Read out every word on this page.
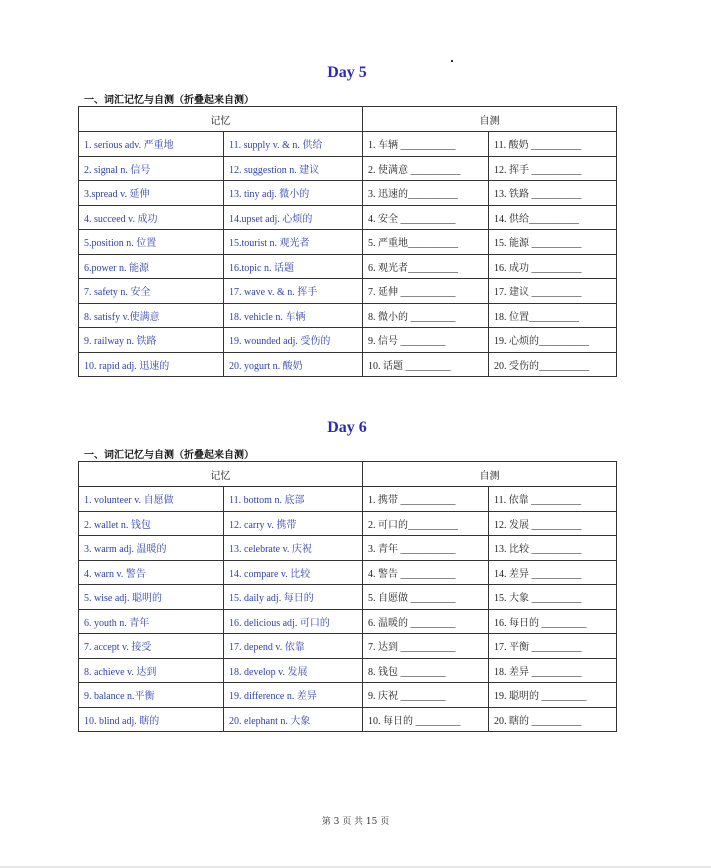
Day 5
一、词汇记忆与自测（折叠起来自测）
记忆		自测	
1. serious adv. 严重地	11. supply v. & n. 供给	1. 车辆 ___________	11. 酸奶 __________
2. signal n. 信号	12. suggestion n. 建议	2. 使满意 __________	12. 挥手 __________
3.spread v. 延伸	13. tiny adj. 微小的	3. 迅速的__________	13. 铁路 __________
4. succeed v. 成功	14.upset adj. 心烦的	4. 安全 ___________	14. 供给__________
5.position n. 位置	15.tourist n. 观光者	5. 严重地__________	15. 能源 __________
6.power n. 能源	16.topic n. 话题	6. 观光者__________	16. 成功 __________
7. safety n. 安全	17. wave v. & n. 挥手	7. 延伸 ___________	17. 建议 __________
8. satisfy v.使满意	18. vehicle n. 车辆	8. 微小的 _________	18. 位置__________
9. railway n. 铁路	19. wounded adj. 受伤的	9. 信号 _________	19. 心烦的__________
10. rapid adj. 迅速的	20. yogurt n. 酸奶	10. 话题 _________	20. 受伤的__________
Day 6
一、词汇记忆与自测（折叠起来自测）
记忆		自测	
1. volunteer v. 自愿做	11. bottom n. 底部	1. 携带 ___________	11. 依靠 __________
2. wallet n. 钱包	12. carry v. 携带	2. 可口的__________	12. 发展 __________
3. warm adj. 温暖的	13. celebrate v. 庆祝	3. 青年 ___________	13. 比较 __________
4. warn v. 警告	14. compare v. 比较	4. 警告 ___________	14. 差异 __________
5. wise adj. 聪明的	15. daily adj. 每日的	5. 自愿做 _________	15. 大象 __________
6. youth n. 青年	16. delicious adj. 可口的	6. 温暖的 _________	16. 每日的 _________
7. accept v. 接受	17. depend v. 依靠	7. 达到 ___________	17. 平衡 __________
8. achieve v. 达到	18. develop v. 发展	8. 钱包 _________	18. 差异 __________
9. balance n.平衡	19. difference n. 差异	9. 庆祝 _________	19. 聪明的 _________
10. blind adj. 瞎的	20. elephant n. 大象	10. 每日的 _________	20. 瞎的 __________
第 3 页 共 15 页
